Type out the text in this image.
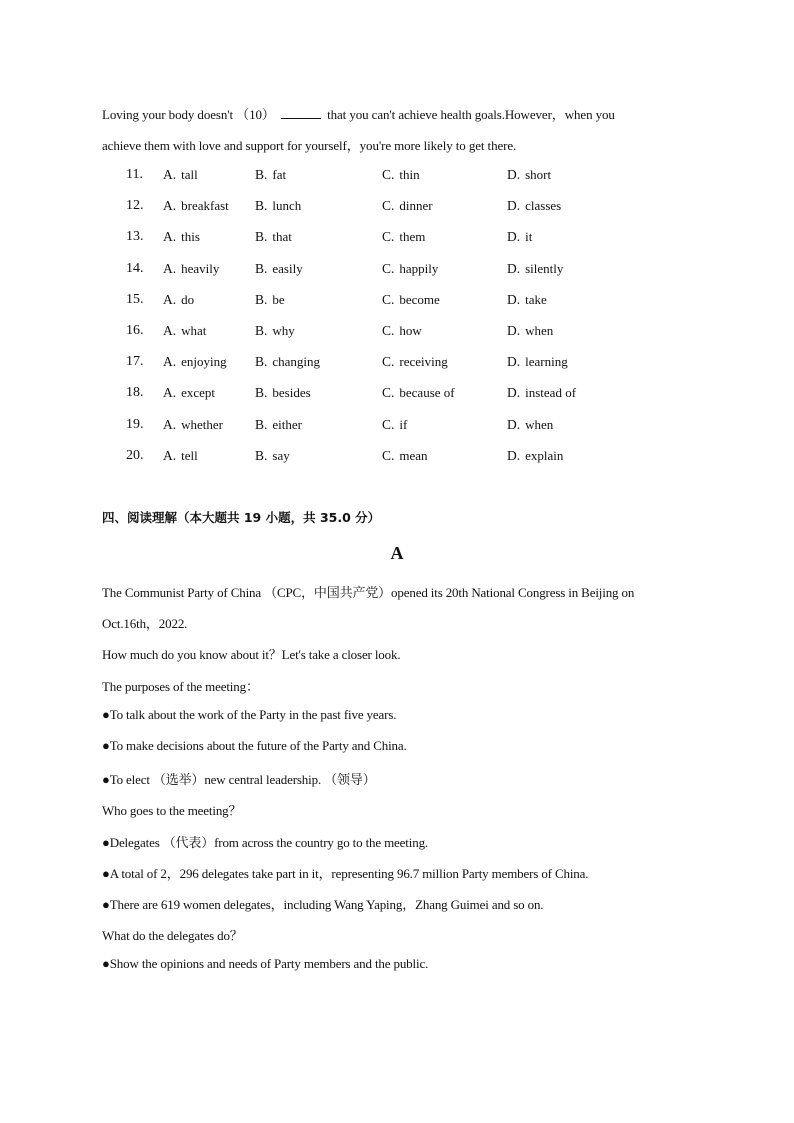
Loving your body doesn't （10）	that you can't achieve health goals.However，when you
achieve them with love and support for yourself，you're more likely to get there.
11. A. tall	B. fat	C. thin	D. short
12. A. breakfast B. lunch	C. dinner	D. classes
13. A. this	B. that	C. them	D. it
14. A. heavily	B. easily	C. happily	D. silently
15. A. do	B. be	C. become	D. take
16. A. what	B. why	C. how	D. when
17. A. enjoying B. changing	C. receiving	D. learning
18. A. except	B. besides	C. because of	D. instead of
19. A. whether B. either	C. if	D. when
20. A. tell	B. say	C. mean	D. explain
四、阅读理解（本大题共 19 小题，共 35.0 分）
A
The Communist Party of China （CPC，中国共产党）opened its 20th National Congress in Beijing on
Oct.16th，2022.
How much do you know about it？Let's take a closer look.
The purposes of the meeting：
●To talk about the work of the Party in the past five years.
●To make decisions about the future of the Party and China.
●To elect （选举）new central leadership. （领导）
Who goes to the meeting？
●Delegates （代表）from across the country go to the meeting.
●A total of 2，296 delegates take part in it，representing 96.7 million Party members of China.
●There are 619 women delegates，including Wang Yaping，Zhang Guimei and so on.
What do the delegates do？
●Show the opinions and needs of Party members and the public.
